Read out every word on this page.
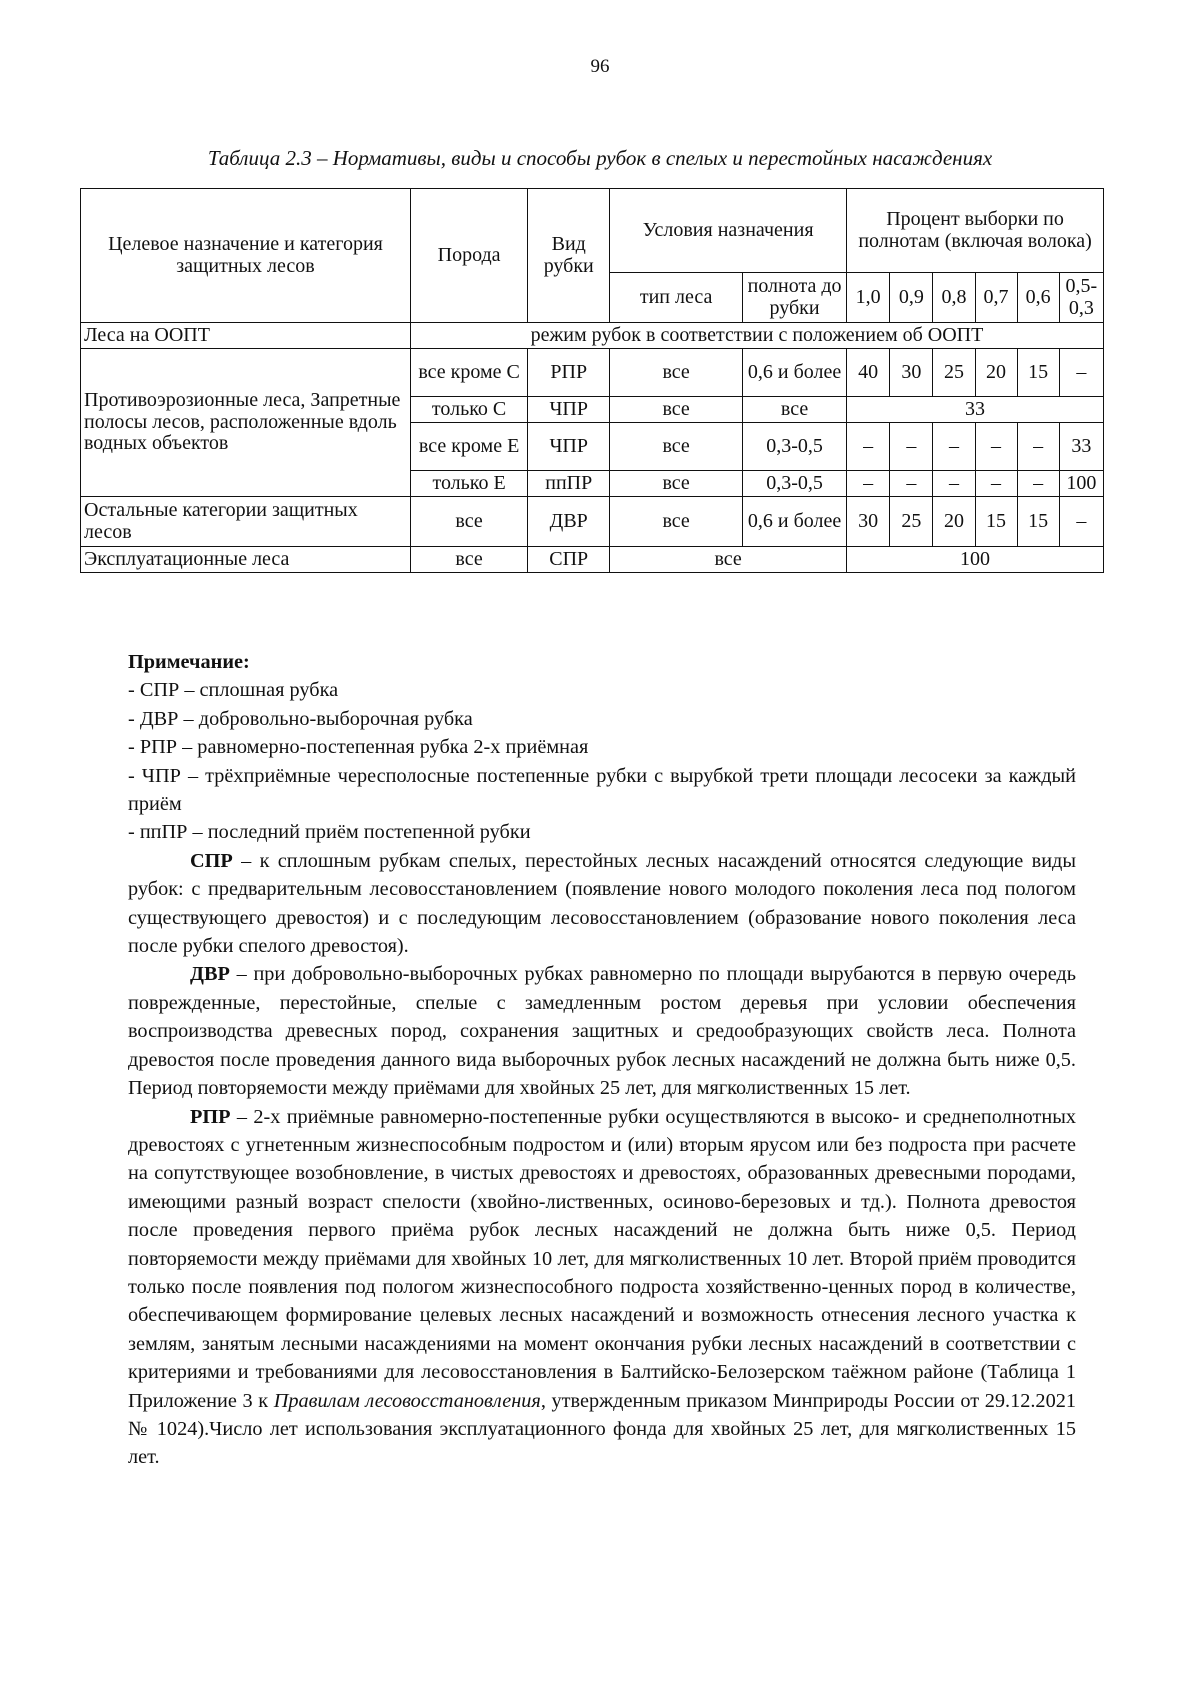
96
Таблица 2.3 – Нормативы, виды и способы рубок в спелых и перестойных насаждениях
Целевое назначение и категория защитных лесов	Порода	Вид рубки	Условия назначения		Процент выборки по полнотам (включая волока)					
			тип леса	полнота до рубки	1,0	0,9	0,8	0,7	0,6	0,5-0,3
Леса на ООПТ	режим рубок в соответствии с положением об ООПТ									
Противоэрозионные леса, Запретные полосы лесов, расположенные вдоль водных объектов	все кроме С	РПР	все	0,6 и более	40	30	25	20	15	–
	только С	ЧПР	все	все	33					
	все кроме Е	ЧПР	все	0,3-0,5	–	–	–	–	–	33
	только Е	ппПР	все	0,3-0,5	–	–	–	–	–	100
Остальные категории защитных лесов	все	ДВР	все	0,6 и более	30	25	20	15	15	–
Эксплуатационные леса	все	СПР	все		100					

Примечание:

- СПР – сплошная рубка

- ДВР – добровольно-выборочная рубка

- РПР – равномерно-постепенная рубка 2-х приёмная

- ЧПР – трёхприёмные чересполосные постепенные рубки с вырубкой трети площади лесосеки за каждый приём

- ппПР – последний приём постепенной рубки

СПР – к сплошным рубкам спелых, перестойных лесных насаждений относятся следующие виды рубок: с предварительным лесовосстановлением (появление нового молодого поколения леса под пологом существующего древостоя) и с последующим лесовосстановлением (образование нового поколения леса после рубки спелого древостоя).

ДВР – при добровольно-выборочных рубках равномерно по площади вырубаются в первую очередь поврежденные, перестойные, спелые с замедленным ростом деревья при условии обеспечения воспроизводства древесных пород, сохранения защитных и средообразующих свойств леса. Полнота древостоя после проведения данного вида выборочных рубок лесных насаждений не должна быть ниже 0,5. Период повторяемости между приёмами для хвойных 25 лет, для мягколиственных 15 лет.

РПР – 2-х приёмные равномерно-постепенные рубки осуществляются в высоко- и среднеполнотных древостоях с угнетенным жизнеспособным подростом и (или) вторым ярусом или без подроста при расчете на сопутствующее возобновление, в чистых древостоях и древостоях, образованных древесными породами, имеющими разный возраст спелости (хвойно-лиственных, осиново-березовых и тд.). Полнота древостоя после проведения первого приёма рубок лесных насаждений не должна быть ниже 0,5. Период повторяемости между приёмами для хвойных 10 лет, для мягколиственных 10 лет. Второй приём проводится только после появления под пологом жизнеспособного подроста хозяйственно-ценных пород в количестве, обеспечивающем формирование целевых лесных насаждений и возможность отнесения лесного участка к землям, занятым лесными насаждениями на момент окончания рубки лесных насаждений в соответствии с критериями и требованиями для лесовосстановления в Балтийско-Белозерском таёжном районе (Таблица 1 Приложение 3 к Правилам лесовосстановления, утвержденным приказом Минприроды России от 29.12.2021 № 1024).Число лет использования эксплуатационного фонда для хвойных 25 лет, для мягколиственных 15 лет.
